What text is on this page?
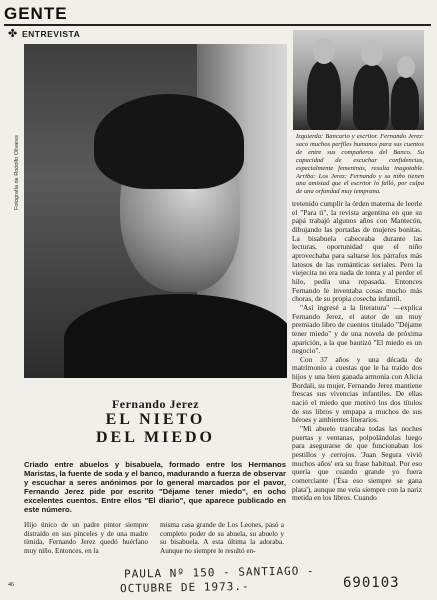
GENTE
✤ ENTREVISTA
Fotografía de Rodolfo Olivares	Izquierda: Bancario y escritor. Fernando Jerez: saco muchos perfiles humanos para sus cuentos de entre sus compañeros del Banco. Su capacidad de escuchar confidencias, especialmente femeninas, resulta inagotable. Arriba: Los Jerez: Fernando y su niño tienen una amistad que el escritor lo falló, por culpa de una orfandad muy temprana.

tretenido cumplir la órden materna de leerle el "Para ti", la revista argentina en que su papá trabajó algunos años con Mantecón, dibujando las portadas de mujeres bonitas. La bisabuela cabeceaba durante las lecturas, oportunidad que el niño aprovechaba para saltarse los párrafos más latosos de las románticas seriales. Pero la viejecita no era nada de tonta y al perder el hilo, pedía una repasada. Entonces Fernando le inventaba cosas mucho más choras, de su propia cosecha infantil.

"Así ingresé a la literatura" —explica Fernando Jerez, el autor de un muy premiado libro de cuentos titulado "Déjame tener miedo" y de una novela de próxima aparición, a la que bautizó "El miedo es un negocio".

Con 37 años y una década de matrimonio a cuestas que le ha traído dos hijos y una bien ganada armonía con Alicia Bordali, su mujer, Fernando Jerez mantiene frescas sus vivencias infantiles. De ellas nació el miedo que motivó los dos títulos de sus libros y empapa a muchos de sus héroes y ambientes literarios.

"Mi abuelo trancaba todas las noches puertas y ventanas, polpolándolas luego para asegurarse de que funcionaban los pestillos y cerrojos. 'Juan Segura vivió muchos años' era su frase habitual. Por eso quería que cuando grande yo fuera comerciante ('Ésa eso siempre se gana plata'), aunque me veía siempre con la nariz metida en los libros. Cuando

Fernando Jerez
EL NIETO
DEL MIEDO
Criado entre abuelos y bisabuela, formado entre los Hermanos Maristas, la fuente de soda y el banco, madurando a fuerza de observar y escuchar a seres anónimos por lo general marcados por el pavor, Fernando Jerez pide por escrito "Déjame tener miedo", en ocho excelentes cuentos. Entre ellos "El diario", que aparece publicado en este número.
Hijo único de un padre pintor siempre distraído en sus pinceles y de una madre tímida, Fernando Jerez quedó huérfano muy niño. Entonces, en la
misma casa grande de Los Leones, pasó a completo poder de su abuela, su abuelo y su bisabuela. A esta última la adoraba. Aunque no siempre le resultó en-
46
PAULA Nº 150 - SANTIAGO -
OCTUBRE DE 1973.-	690103
